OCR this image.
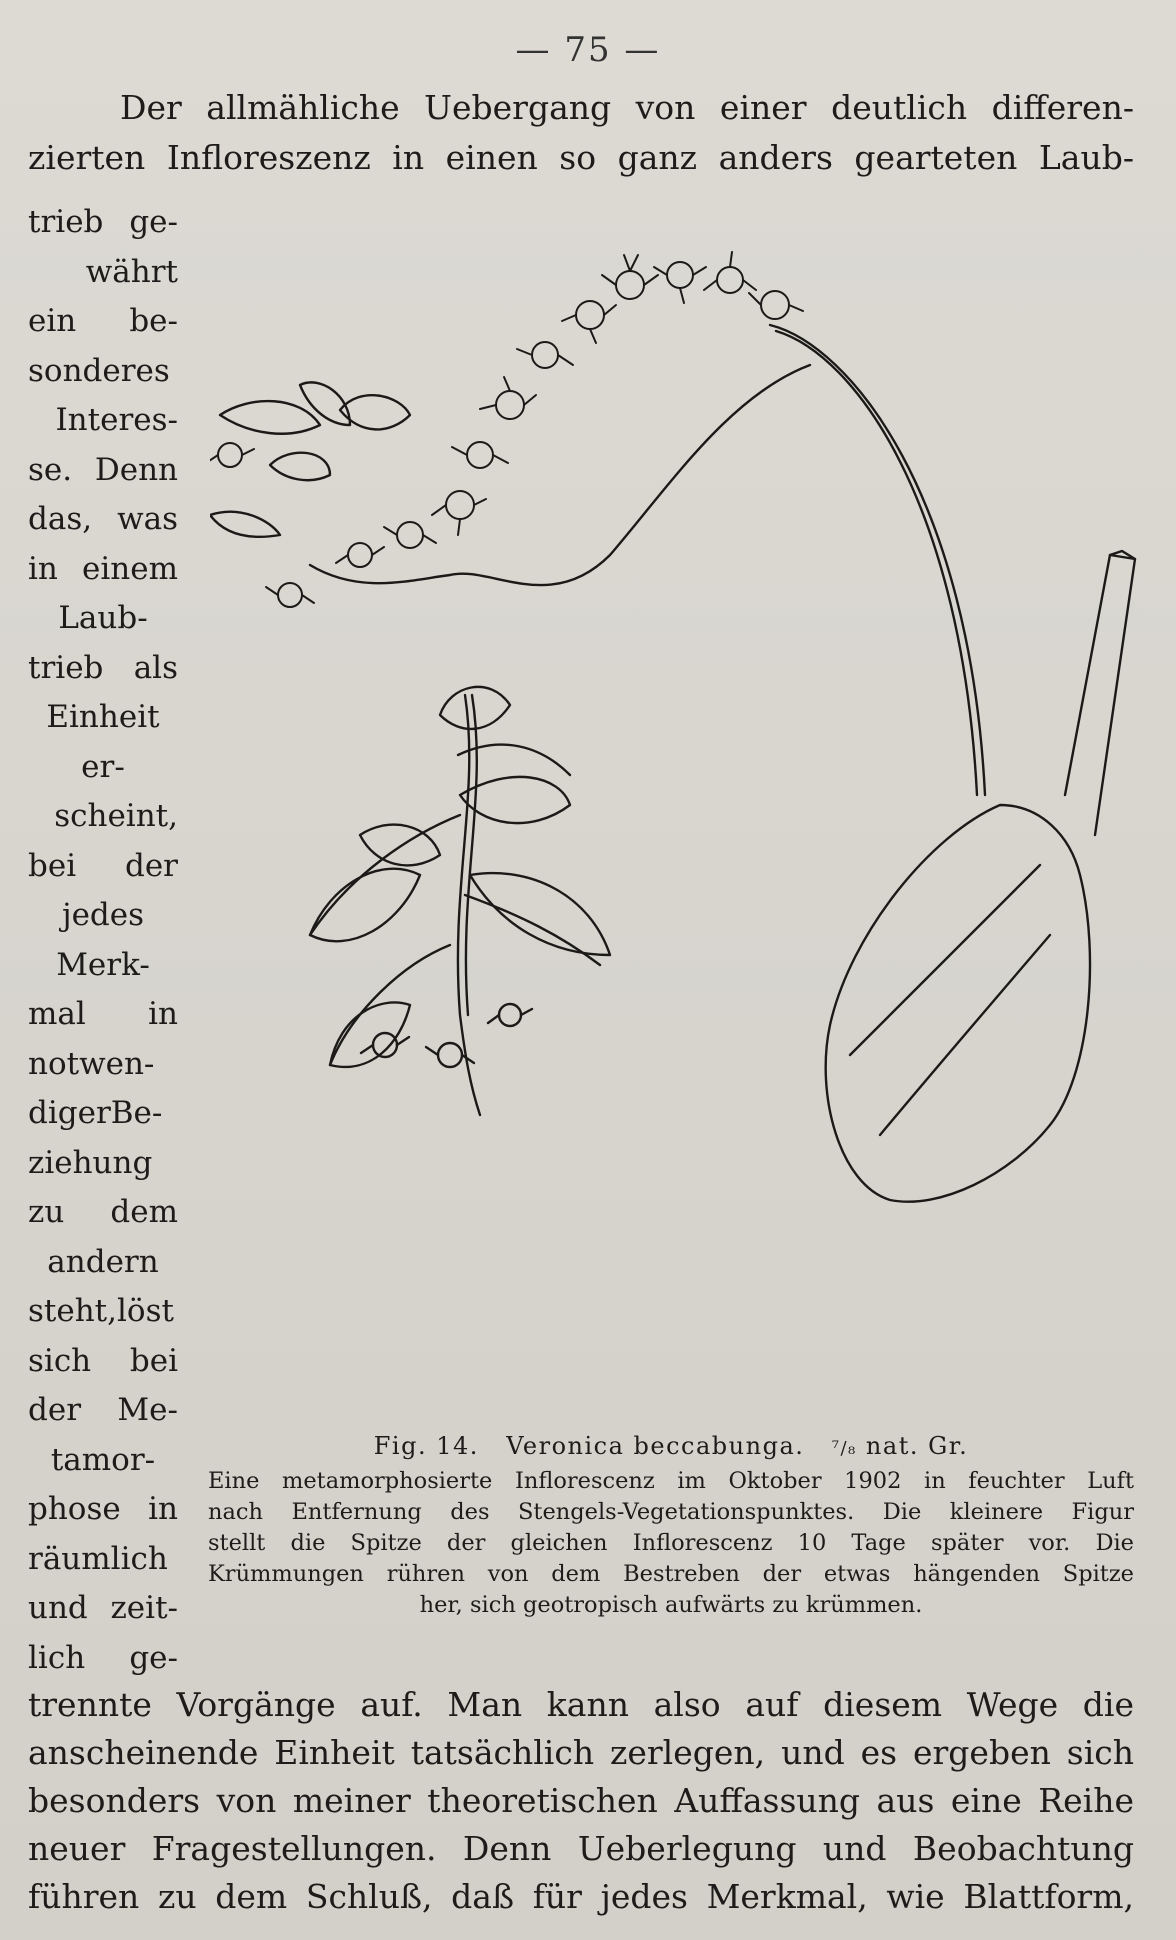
— 75 —
Der allmähliche Uebergang von einer deutlich differen-
zierten Infloreszenz in einen so ganz anders gearteten Laub-
trieb ge-
währt
ein be-
sonderes
Interes-
se. Denn
das, was
in einem
Laub-
trieb als
Einheit
er-
scheint,
bei der
jedes
Merk-
mal in
notwen-
digerBe-
ziehung
zu dem
andern
steht,löst
sich bei
der Me-
tamor-
phose in
räumlich
und zeit-
lich ge-
Fig. 14. Veronica beccabunga. ⁷/₈ nat. Gr.
Eine metamorphosierte Inflorescenz im Oktober 1902 in feuchter Luft
nach Entfernung des Stengels-Vegetationspunktes. Die kleinere Figur
stellt die Spitze der gleichen Inflorescenz 10 Tage später vor. Die
Krümmungen rühren von dem Bestreben der etwas hängenden Spitze
her, sich geotropisch aufwärts zu krümmen.
trennte Vorgänge auf. Man kann also auf diesem Wege die
anscheinende Einheit tatsächlich zerlegen, und es ergeben sich
besonders von meiner theoretischen Auffassung aus eine Reihe
neuer Fragestellungen. Denn Ueberlegung und Beobachtung
führen zu dem Schluß, daß für jedes Merkmal, wie Blattform,
